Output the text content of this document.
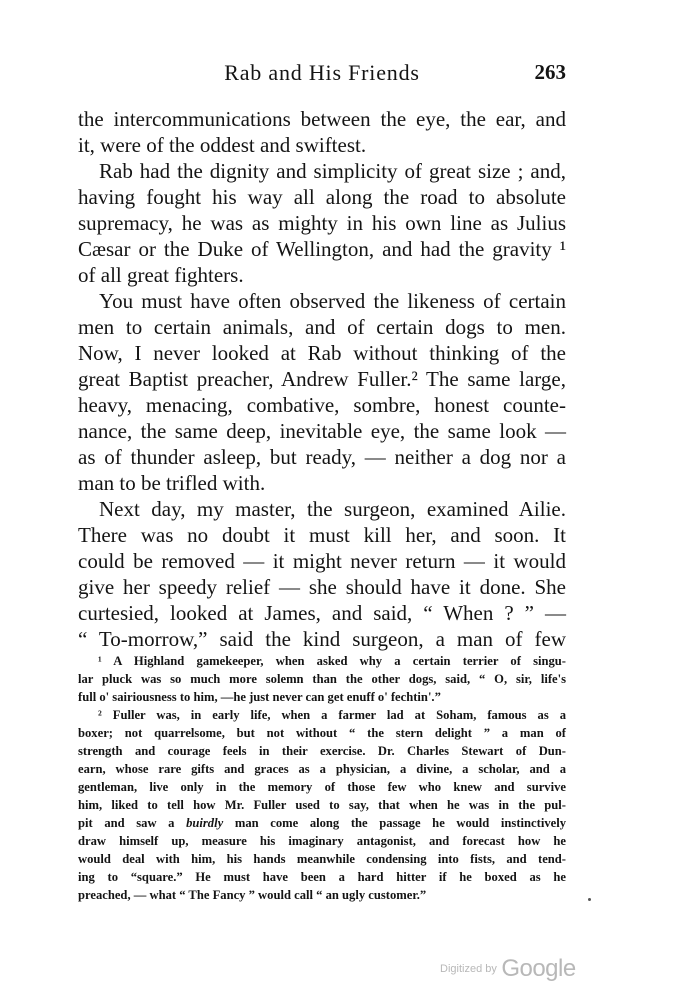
Rab and His Friends	263
the intercommunications between the eye, the ear, and
it, were of the oddest and swiftest.
Rab had the dignity and simplicity of great size ; and,
having fought his way all along the road to absolute
supremacy, he was as mighty in his own line as Julius
Cæsar or the Duke of Wellington, and had the gravity ¹
of all great fighters.
You must have often observed the likeness of certain
men to certain animals, and of certain dogs to men.
Now, I never looked at Rab without thinking of the
great Baptist preacher, Andrew Fuller.² The same large,
heavy, menacing, combative, sombre, honest counte-
nance, the same deep, inevitable eye, the same look —
as of thunder asleep, but ready, — neither a dog nor a
man to be trifled with.
Next day, my master, the surgeon, examined Ailie.
There was no doubt it must kill her, and soon. It
could be removed — it might never return — it would
give her speedy relief — she should have it done. She
curtesied, looked at James, and said, “ When ? ” —
“ To-morrow,” said the kind surgeon, a man of few
¹ A Highland gamekeeper, when asked why a certain terrier of singu-
lar pluck was so much more solemn than the other dogs, said, “ O, sir, life's
full o' sairiousness to him, —he just never can get enuff o' fechtin'.”
² Fuller was, in early life, when a farmer lad at Soham, famous as a
boxer; not quarrelsome, but not without “ the stern delight ” a man of
strength and courage feels in their exercise. Dr. Charles Stewart of Dun-
earn, whose rare gifts and graces as a physician, a divine, a scholar, and a
gentleman, live only in the memory of those few who knew and survive
him, liked to tell how Mr. Fuller used to say, that when he was in the pul-
pit and saw a buirdly man come along the passage he would instinctively
draw himself up, measure his imaginary antagonist, and forecast how he
would deal with him, his hands meanwhile condensing into fists, and tend-
ing to “square.” He must have been a hard hitter if he boxed as he
preached, — what “ The Fancy ” would call “ an ugly customer.”
Digitized by Google
